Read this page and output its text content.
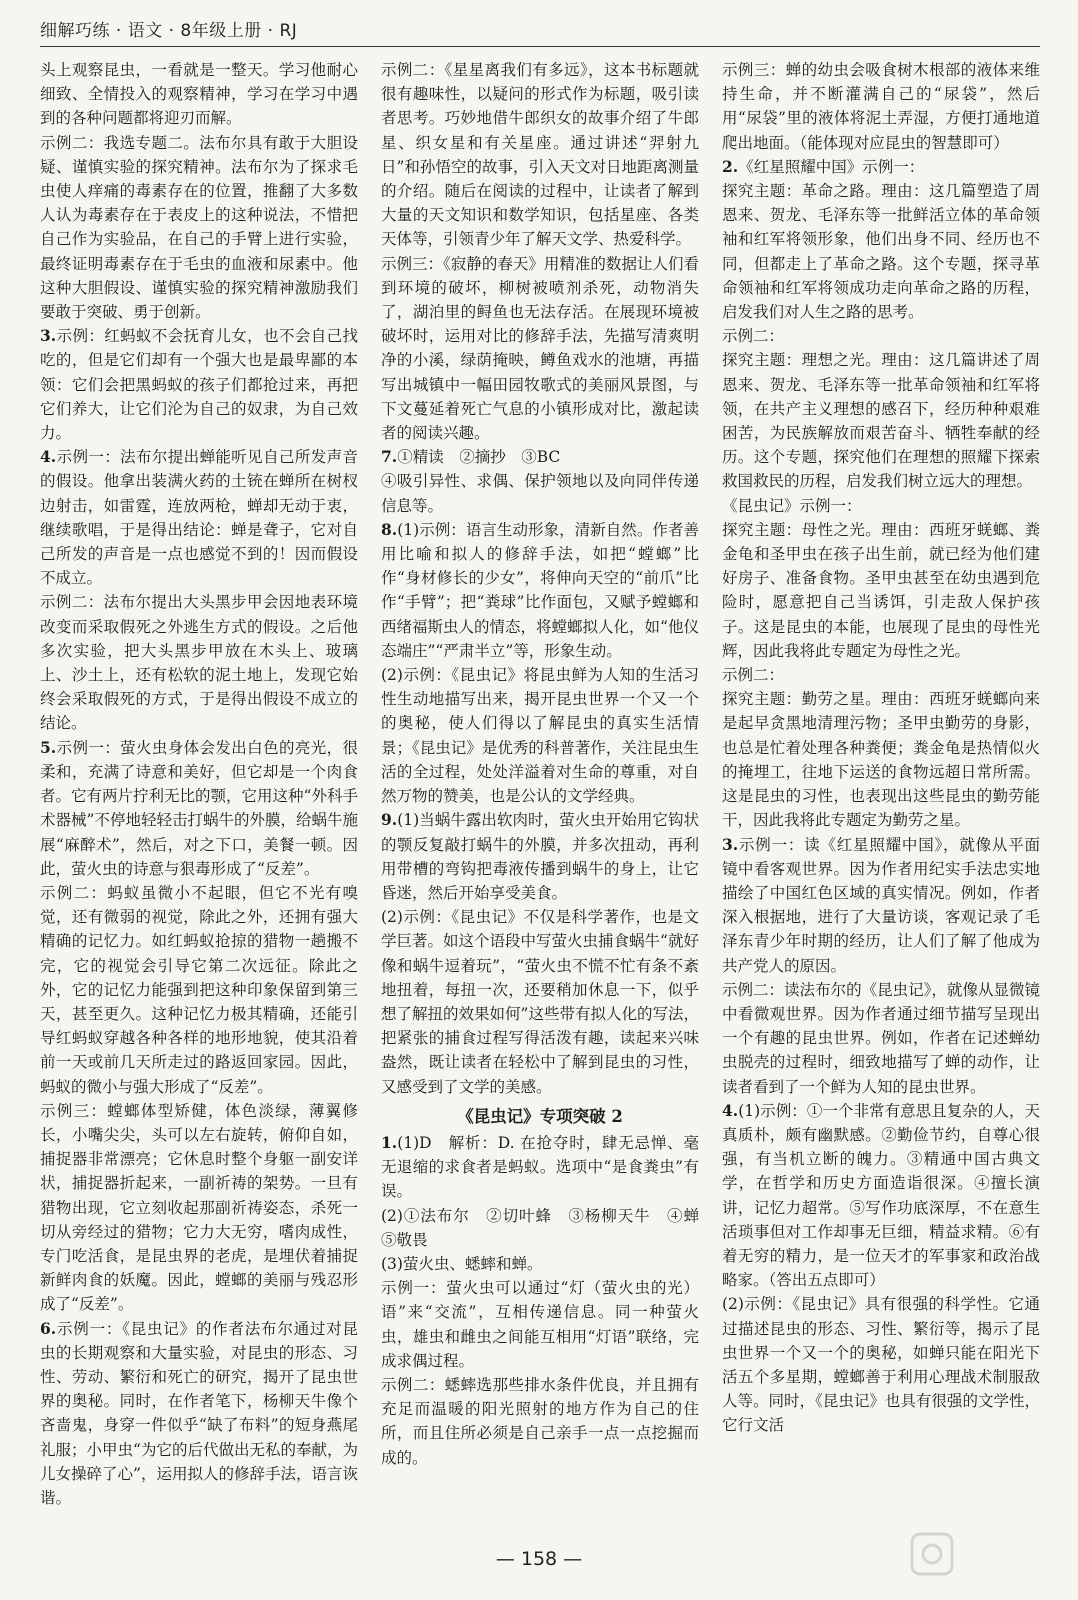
细解巧练 · 语文 · 8年级上册 · RJ

头上观察昆虫，一看就是一整天。学习他耐心细致、全情投入的观察精神，学习在学习中遇到的各种问题都将迎刃而解。

示例二：我选专题二。法布尔具有敢于大胆设疑、谨慎实验的探究精神。法布尔为了探求毛虫使人痒痛的毒素存在的位置，推翻了大多数人认为毒素存在于表皮上的这种说法，不惜把自己作为实验品，在自己的手臂上进行实验，最终证明毒素存在于毛虫的血液和尿素中。他这种大胆假设、谨慎实验的探究精神激励我们要敢于突破、勇于创新。

3.示例：红蚂蚁不会抚育儿女，也不会自己找吃的，但是它们却有一个强大也是最卑鄙的本领：它们会把黑蚂蚁的孩子们都抢过来，再把它们养大，让它们沦为自己的奴隶，为自己效力。

4.示例一：法布尔提出蝉能听见自己所发声音的假设。他拿出装满火药的土铳在蝉所在树杈边射击，如雷霆，连放两枪，蝉却无动于衷，继续歌唱，于是得出结论：蝉是聋子，它对自己所发的声音是一点也感觉不到的！因而假设不成立。

示例二：法布尔提出大头黑步甲会因地表环境改变而采取假死之外逃生方式的假设。之后他多次实验，把大头黑步甲放在木头上、玻璃上、沙土上，还有松软的泥土地上，发现它始终会采取假死的方式，于是得出假设不成立的结论。

5.示例一：萤火虫身体会发出白色的亮光，很柔和，充满了诗意和美好，但它却是一个肉食者。它有两片拧利无比的颚，它用这种“外科手术器械”不停地轻轻击打蜗牛的外膜，给蜗牛施展“麻醉术”，然后，对之下口，美餐一顿。因此，萤火虫的诗意与狠毒形成了“反差”。

示例二：蚂蚁虽微小不起眼，但它不光有嗅觉，还有微弱的视觉，除此之外，还拥有强大精确的记忆力。如红蚂蚁抢掠的猎物一趟搬不完，它的视觉会引导它第二次远征。除此之外，它的记忆力能强到把这种印象保留到第三天，甚至更久。这种记忆力极其精确，还能引导红蚂蚁穿越各种各样的地形地貌，使其沿着前一天或前几天所走过的路返回家园。因此，蚂蚁的微小与强大形成了“反差”。

示例三：螳螂体型矫健，体色淡绿，薄翼修长，小嘴尖尖，头可以左右旋转，俯仰自如，捕捉器非常漂亮；它休息时整个身躯一副安详状，捕捉器折起来，一副祈祷的架势。一旦有猎物出现，它立刻收起那副祈祷姿态，杀死一切从旁经过的猎物；它力大无穷，嗜肉成性，专门吃活食，是昆虫界的老虎，是埋伏着捕捉新鲜肉食的妖魔。因此，螳螂的美丽与残忍形成了“反差”。

6.示例一：《昆虫记》的作者法布尔通过对昆虫的长期观察和大量实验，对昆虫的形态、习性、劳动、繁衍和死亡的研究，揭开了昆虫世界的奥秘。同时，在作者笔下，杨柳天牛像个吝啬鬼，身穿一件似乎“缺了布料”的短身燕尾礼服；小甲虫“为它的后代做出无私的奉献，为儿女操碎了心”，运用拟人的修辞手法，语言诙谐。

示例二：《星星离我们有多远》，这本书标题就很有趣味性，以疑问的形式作为标题，吸引读者思考。巧妙地借牛郎织女的故事介绍了牛郎星、织女星和有关星座。通过讲述“羿射九日”和孙悟空的故事，引入天文对日地距离测量的介绍。随后在阅读的过程中，让读者了解到大量的天文知识和数学知识，包括星座、各类天体等，引领青少年了解天文学、热爱科学。

示例三：《寂静的春天》用精准的数据让人们看到环境的破坏，柳树被喷剂杀死，动物消失了，湖泊里的鲟鱼也无法存活。在展现环境被破坏时，运用对比的修辞手法，先描写清爽明净的小溪，绿荫掩映，鳟鱼戏水的池塘，再描写出城镇中一幅田园牧歌式的美丽风景图，与下文蔓延着死亡气息的小镇形成对比，激起读者的阅读兴趣。

7.①精读　②摘抄　③BC

④吸引异性、求偶、保护领地以及向同伴传递信息等。

8.(1)示例：语言生动形象，清新自然。作者善用比喻和拟人的修辞手法，如把“螳螂”比作“身材修长的少女”，将伸向天空的“前爪”比作“手臂”；把“粪球”比作面包，又赋予螳螂和西绪福斯虫人的情态，将螳螂拟人化，如“他仪态端庄”“严肃半立”等，形象生动。

(2)示例：《昆虫记》将昆虫鲜为人知的生活习性生动地描写出来，揭开昆虫世界一个又一个的奥秘，使人们得以了解昆虫的真实生活情景；《昆虫记》是优秀的科普著作，关注昆虫生活的全过程，处处洋溢着对生命的尊重，对自然万物的赞美，也是公认的文学经典。

9.(1)当蜗牛露出软肉时，萤火虫开始用它钩状的颚反复敲打蜗牛的外膜，并多次扭动，再利用带槽的弯钩把毒液传播到蜗牛的身上，让它昏迷，然后开始享受美食。

(2)示例：《昆虫记》不仅是科学著作，也是文学巨著。如这个语段中写萤火虫捕食蜗牛“就好像和蜗牛逗着玩”，“萤火虫不慌不忙有条不紊地扭着，每扭一次，还要稍加休息一下，似乎想了解扭的效果如何”这些带有拟人化的写法，把紧张的捕食过程写得活泼有趣，读起来兴味盎然，既让读者在轻松中了解到昆虫的习性，又感受到了文学的美感。

《昆虫记》专项突破 2

1.(1)D　解析：D. 在抢夺时，肆无忌惮、毫无退缩的求食者是蚂蚁。选项中“是食粪虫”有误。

(2)①法布尔　②切叶蜂　③杨柳天牛　④蝉　⑤敬畏

(3)萤火虫、蟋蟀和蝉。

示例一：萤火虫可以通过“灯（萤火虫的光）语”来“交流”，互相传递信息。同一种萤火虫，雄虫和雌虫之间能互相用“灯语”联络，完成求偶过程。

示例二：蟋蟀选那些排水条件优良，并且拥有充足而温暖的阳光照射的地方作为自己的住所，而且住所必须是自己亲手一点一点挖掘而成的。

示例三：蝉的幼虫会吸食树木根部的液体来维持生命，并不断灌满自己的“尿袋”，然后用“尿袋”里的液体将泥土弄湿，方便打通地道爬出地面。（能体现对应昆虫的智慧即可）

2.《红星照耀中国》示例一：

探究主题：革命之路。理由：这几篇塑造了周恩来、贺龙、毛泽东等一批鲜活立体的革命领袖和红军将领形象，他们出身不同、经历也不同，但都走上了革命之路。这个专题，探寻革命领袖和红军将领成功走向革命之路的历程，启发我们对人生之路的思考。

示例二：

探究主题：理想之光。理由：这几篇讲述了周恩来、贺龙、毛泽东等一批革命领袖和红军将领，在共产主义理想的感召下，经历种种艰难困苦，为民族解放而艰苦奋斗、牺牲奉献的经历。这个专题，探究他们在理想的照耀下探索救国救民的历程，启发我们树立远大的理想。

《昆虫记》示例一：

探究主题：母性之光。理由：西班牙蜣螂、粪金龟和圣甲虫在孩子出生前，就已经为他们建好房子、准备食物。圣甲虫甚至在幼虫遇到危险时，愿意把自己当诱饵，引走敌人保护孩子。这是昆虫的本能，也展现了昆虫的母性光辉，因此我将此专题定为母性之光。

示例二：

探究主题：勤劳之星。理由：西班牙蜣螂向来是起早贪黑地清理污物；圣甲虫勤劳的身影，也总是忙着处理各种粪便；粪金龟是热情似火的掩埋工，往地下运送的食物远超日常所需。这是昆虫的习性，也表现出这些昆虫的勤劳能干，因此我将此专题定为勤劳之星。

3.示例一：读《红星照耀中国》，就像从平面镜中看客观世界。因为作者用纪实手法忠实地描绘了中国红色区域的真实情况。例如，作者深入根据地，进行了大量访谈，客观记录了毛泽东青少年时期的经历，让人们了解了他成为共产党人的原因。

示例二：读法布尔的《昆虫记》，就像从显微镜中看微观世界。因为作者通过细节描写呈现出一个有趣的昆虫世界。例如，作者在记述蝉幼虫脱壳的过程时，细致地描写了蝉的动作，让读者看到了一个鲜为人知的昆虫世界。

4.(1)示例：①一个非常有意思且复杂的人，天真质朴，颇有幽默感。②勤俭节约，自尊心很强，有当机立断的魄力。③精通中国古典文学，在哲学和历史方面造诣很深。④擅长演讲，记忆力超常。⑤写作功底深厚，不在意生活琐事但对工作却事无巨细，精益求精。⑥有着无穷的精力，是一位天才的军事家和政治战略家。（答出五点即可）

(2)示例：《昆虫记》具有很强的科学性。它通过描述昆虫的形态、习性、繁衍等，揭示了昆虫世界一个又一个的奥秘，如蝉只能在阳光下活五个多星期，螳螂善于利用心理战术制服敌人等。同时，《昆虫记》也具有很强的文学性，它行文活

— 158 —
